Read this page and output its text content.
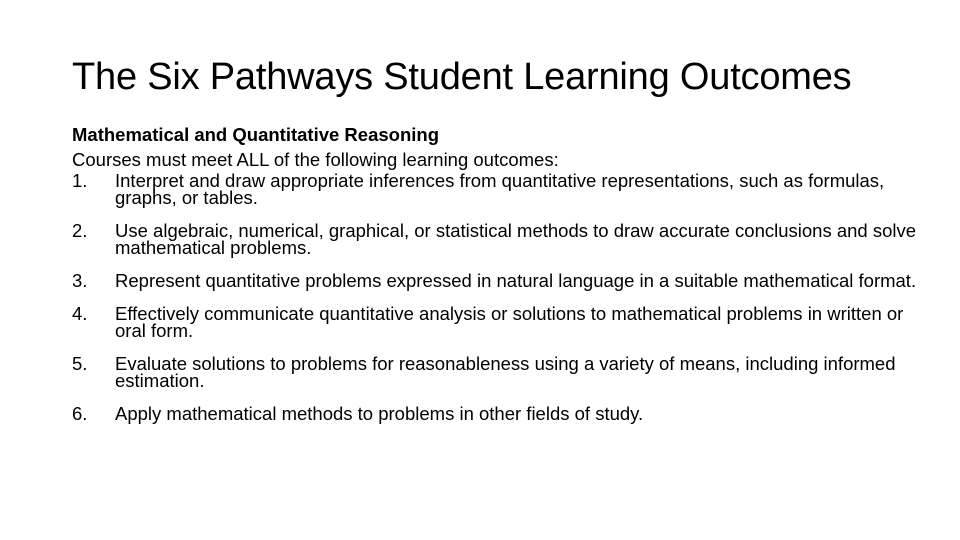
The Six Pathways Student Learning Outcomes

Mathematical and Quantitative Reasoning

Courses must meet ALL of the following learning outcomes:

1.	Interpret and draw appropriate inferences from quantitative representations, such as formulas, graphs, or tables.
2.	Use algebraic, numerical, graphical, or statistical methods to draw accurate conclusions and solve mathematical problems.
3.	Represent quantitative problems expressed in natural language in a suitable mathematical format.
4.	Effectively communicate quantitative analysis or solutions to mathematical problems in written or oral form.
5.	Evaluate solutions to problems for reasonableness using a variety of means, including informed estimation.
6.	Apply mathematical methods to problems in other fields of study.
